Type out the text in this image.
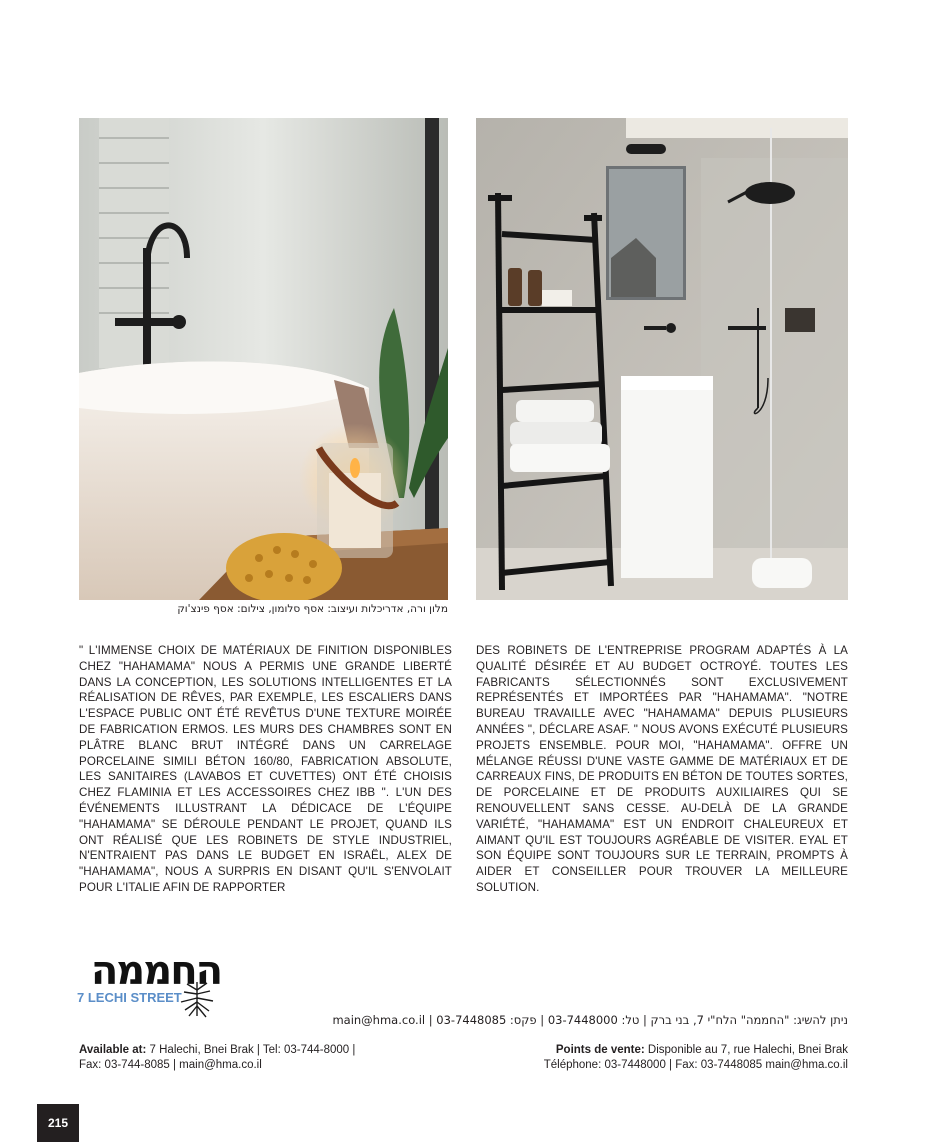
מלון ורה, אדריכלות ועיצוב: אסף סלומון, צילום: אסף פינצ'וק
" L'IMMENSE CHOIX DE MATÉRIAUX DE FINITION DISPONIBLES CHEZ "HAHAMAMA" NOUS A PERMIS UNE GRANDE LIBERTÉ DANS LA CONCEPTION, LES SOLUTIONS INTELLIGENTES ET LA RÉALISATION DE RÊVES, PAR EXEMPLE, LES ESCALIERS DANS L'ESPACE PUBLIC ONT ÉTÉ REVÊTUS D'UNE TEXTURE MOIRÉE DE FABRICATION ERMOS. LES MURS DES CHAMBRES SONT EN PLÂTRE BLANC BRUT INTÉGRÉ DANS UN CARRELAGE PORCELAINE SIMILI BÉTON 160/80, FABRICATION ABSOLUTE, LES SANITAIRES (LAVABOS ET CUVETTES) ONT ÉTÉ CHOISIS CHEZ FLAMINIA ET LES ACCESSOIRES CHEZ IBB ". L'UN DES ÉVÉNEMENTS ILLUSTRANT LA DÉDICACE DE L'ÉQUIPE "HAHAMAMA" SE DÉROULE PENDANT LE PROJET, QUAND ILS ONT RÉALISÉ QUE LES ROBINETS DE STYLE INDUSTRIEL, N'ENTRAIENT PAS DANS LE BUDGET EN ISRAËL, ALEX DE "HAHAMAMA", NOUS A SURPRIS EN DISANT QU'IL S'ENVOLAIT POUR L'ITALIE AFIN DE RAPPORTER
DES ROBINETS DE L'ENTREPRISE PROGRAM ADAPTÉS À LA QUALITÉ DÉSIRÉE ET AU BUDGET OCTROYÉ. TOUTES LES FABRICANTS SÉLECTIONNÉS SONT EXCLUSIVEMENT REPRÉSENTÉS ET IMPORTÉES PAR "HAHAMAMA". "NOTRE BUREAU TRAVAILLE AVEC "HAHAMAMA" DEPUIS PLUSIEURS ANNÉES ", DÉCLARE ASAF. " NOUS AVONS EXÉCUTÉ PLUSIEURS PROJETS ENSEMBLE. POUR MOI, "HAHAMAMA". OFFRE UN MÉLANGE RÉUSSI D'UNE VASTE GAMME DE MATÉRIAUX ET DE CARREAUX FINS, DE PRODUITS EN BÉTON DE TOUTES SORTES, DE PORCELAINE ET DE PRODUITS AUXILIAIRES QUI SE RENOUVELLENT SANS CESSE. AU-DELÀ DE LA GRANDE VARIÉTÉ, "HAHAMAMA" EST UN ENDROIT CHALEUREUX ET AIMANT QU'IL EST TOUJOURS AGRÉABLE DE VISITER. EYAL ET SON ÉQUIPE SONT TOUJOURS SUR LE TERRAIN, PROMPTS À AIDER ET CONSEILLER POUR TROUVER LA MEILLEURE SOLUTION.
החממה
7 LECHI STREET
ניתן להשיג: "החממה" הלח"י 7, בני ברק | טל: 03-7448000 | פקס: 03-7448085 | main@hma.co.il
Available at: 7 Halechi, Bnei Brak | Tel: 03-744-8000 |
Fax: 03-744-8085 | main@hma.co.il
Points de vente: Disponible au 7, rue Halechi, Bnei Brak
Téléphone: 03-7448000 | Fax: 03-7448085 main@hma.co.il
215
